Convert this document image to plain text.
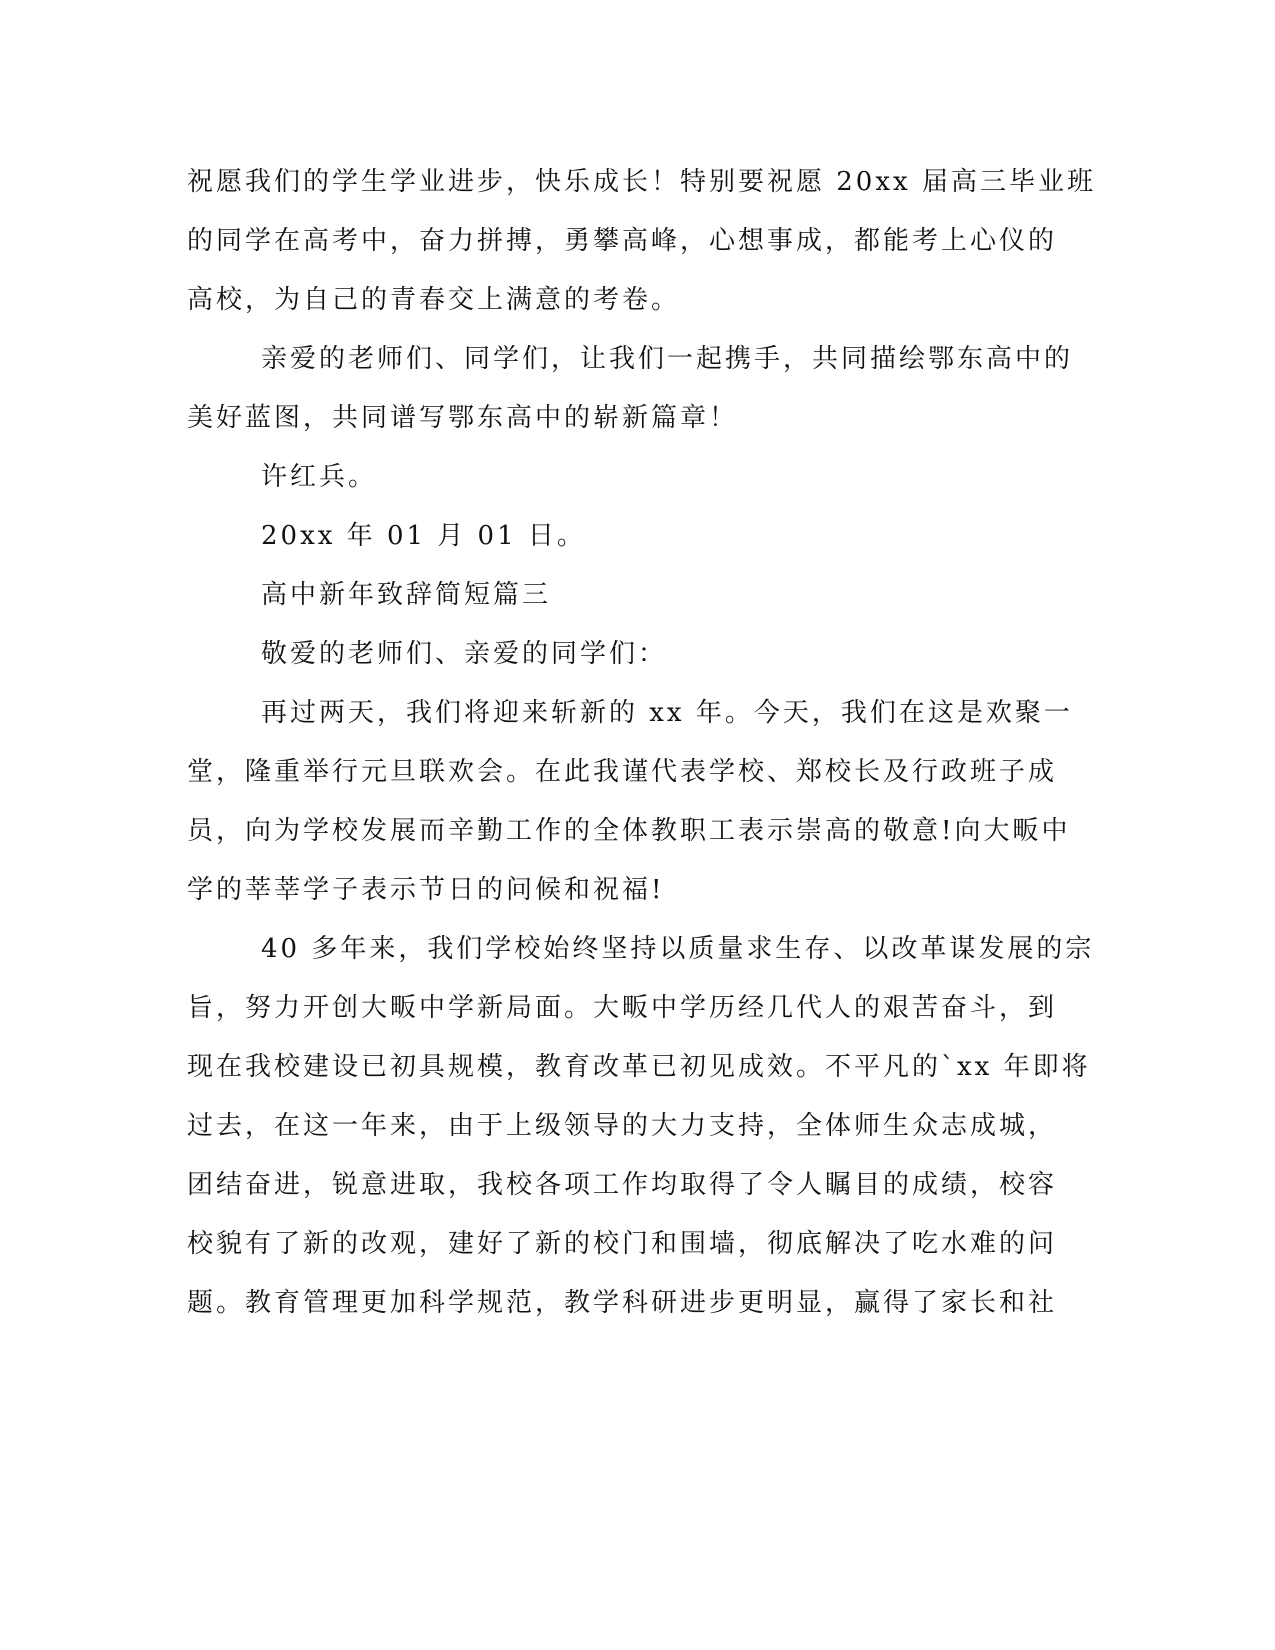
祝愿我们的学生学业进步，快乐成长！特别要祝愿 20xx 届高三毕业班
的同学在高考中，奋力拼搏，勇攀高峰，心想事成，都能考上心仪的
高校，为自己的青春交上满意的考卷。
亲爱的老师们、同学们，让我们一起携手，共同描绘鄂东高中的
美好蓝图，共同谱写鄂东高中的崭新篇章！
许红兵。
20xx 年 01 月 01 日。
高中新年致辞简短篇三
敬爱的老师们、亲爱的同学们：
再过两天，我们将迎来斩新的 xx 年。今天，我们在这是欢聚一
堂，隆重举行元旦联欢会。在此我谨代表学校、郑校长及行政班子成
员，向为学校发展而辛勤工作的全体教职工表示崇高的敬意!向大畈中
学的莘莘学子表示节日的问候和祝福!
40 多年来，我们学校始终坚持以质量求生存、以改革谋发展的宗
旨，努力开创大畈中学新局面。大畈中学历经几代人的艰苦奋斗，到
现在我校建设已初具规模，教育改革已初见成效。不平凡的`xx 年即将
过去，在这一年来，由于上级领导的大力支持，全体师生众志成城，
团结奋进，锐意进取，我校各项工作均取得了令人瞩目的成绩，校容
校貌有了新的改观，建好了新的校门和围墙，彻底解决了吃水难的问
题。教育管理更加科学规范，教学科研进步更明显，赢得了家长和社
